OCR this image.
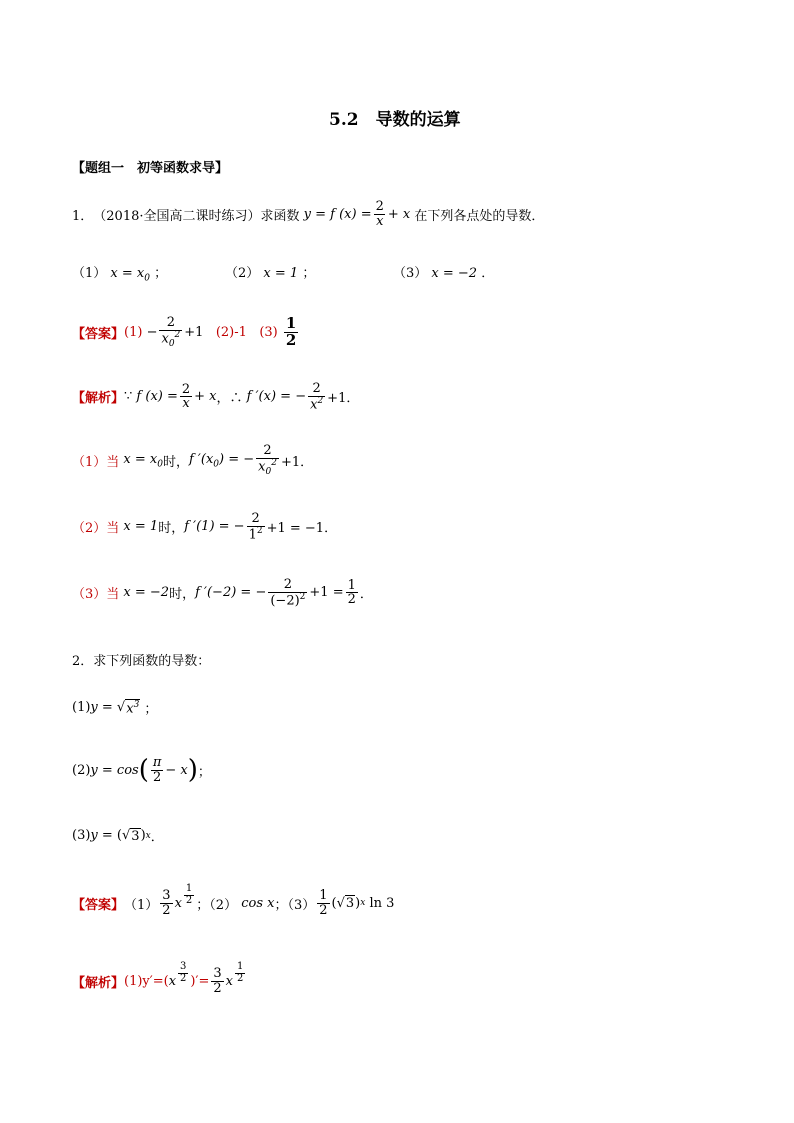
5.2　导数的运算
【题组一　初等函数求导】
1． （2018·全国高二课时练习） 求函数 y = f $(x) = \frac{2}{x} + x$ 在下列各点处的导数．
（1） $x = x_0$ ；	（2） x = 1 ；	（3） x = −2 ．
【答案】 $(1) - \frac{2}{x_0^2} +1$ (2)-1
(3)
$\frac{1}{2}$
【解析】 ∵ f $(x) = \frac{2}{x} + x$ ，∴ f ′(x) = − $\frac{2}{x^2} +1$．
（1）当 $x = x_0$ 时， f $'(x_0)$ = − $\frac{2}{x_0^2} +1$．
（2）当 x = 1 时， f ′(1) = − $\frac{2}{1^2} +1 = -1$．
（3）当 x = −2 时， f ′(−2) = − $\frac{2}{(-2)^2} +1 = \frac{1}{2}$ ．
2．求下列函数的导数：
(1) y = √ $x^3$ ；
(2) y = cos ( $\frac{\pi}{2} - x$ ) ；
(3) y = (√ 3 ) x ．
【答案】 $(1) \frac{3}{2}$ x $\frac{1}{2}$ ；（2）
cos x ；$(3) \frac{1}{2}$ (√ 3 ) x
ln 3
【解析】 (1)y′=( x $\frac{3}{2}$ )′= $\frac{3}{2}$ x $\frac{1}{2}$
